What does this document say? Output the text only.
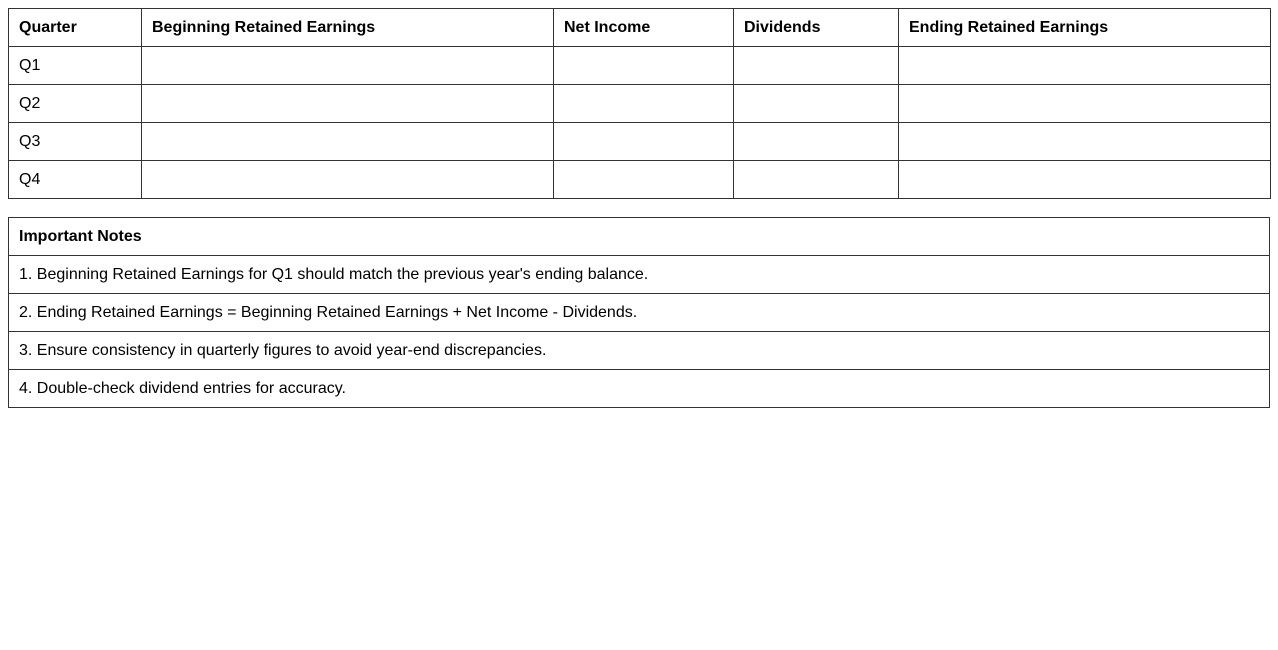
Quarter	Beginning Retained Earnings	Net Income	Dividends	Ending Retained Earnings
Q1				
Q2				
Q3				
Q4				
Important Notes
1. Beginning Retained Earnings for Q1 should match the previous year's ending balance.
2. Ending Retained Earnings = Beginning Retained Earnings + Net Income - Dividends.
3. Ensure consistency in quarterly figures to avoid year-end discrepancies.
4. Double-check dividend entries for accuracy.
